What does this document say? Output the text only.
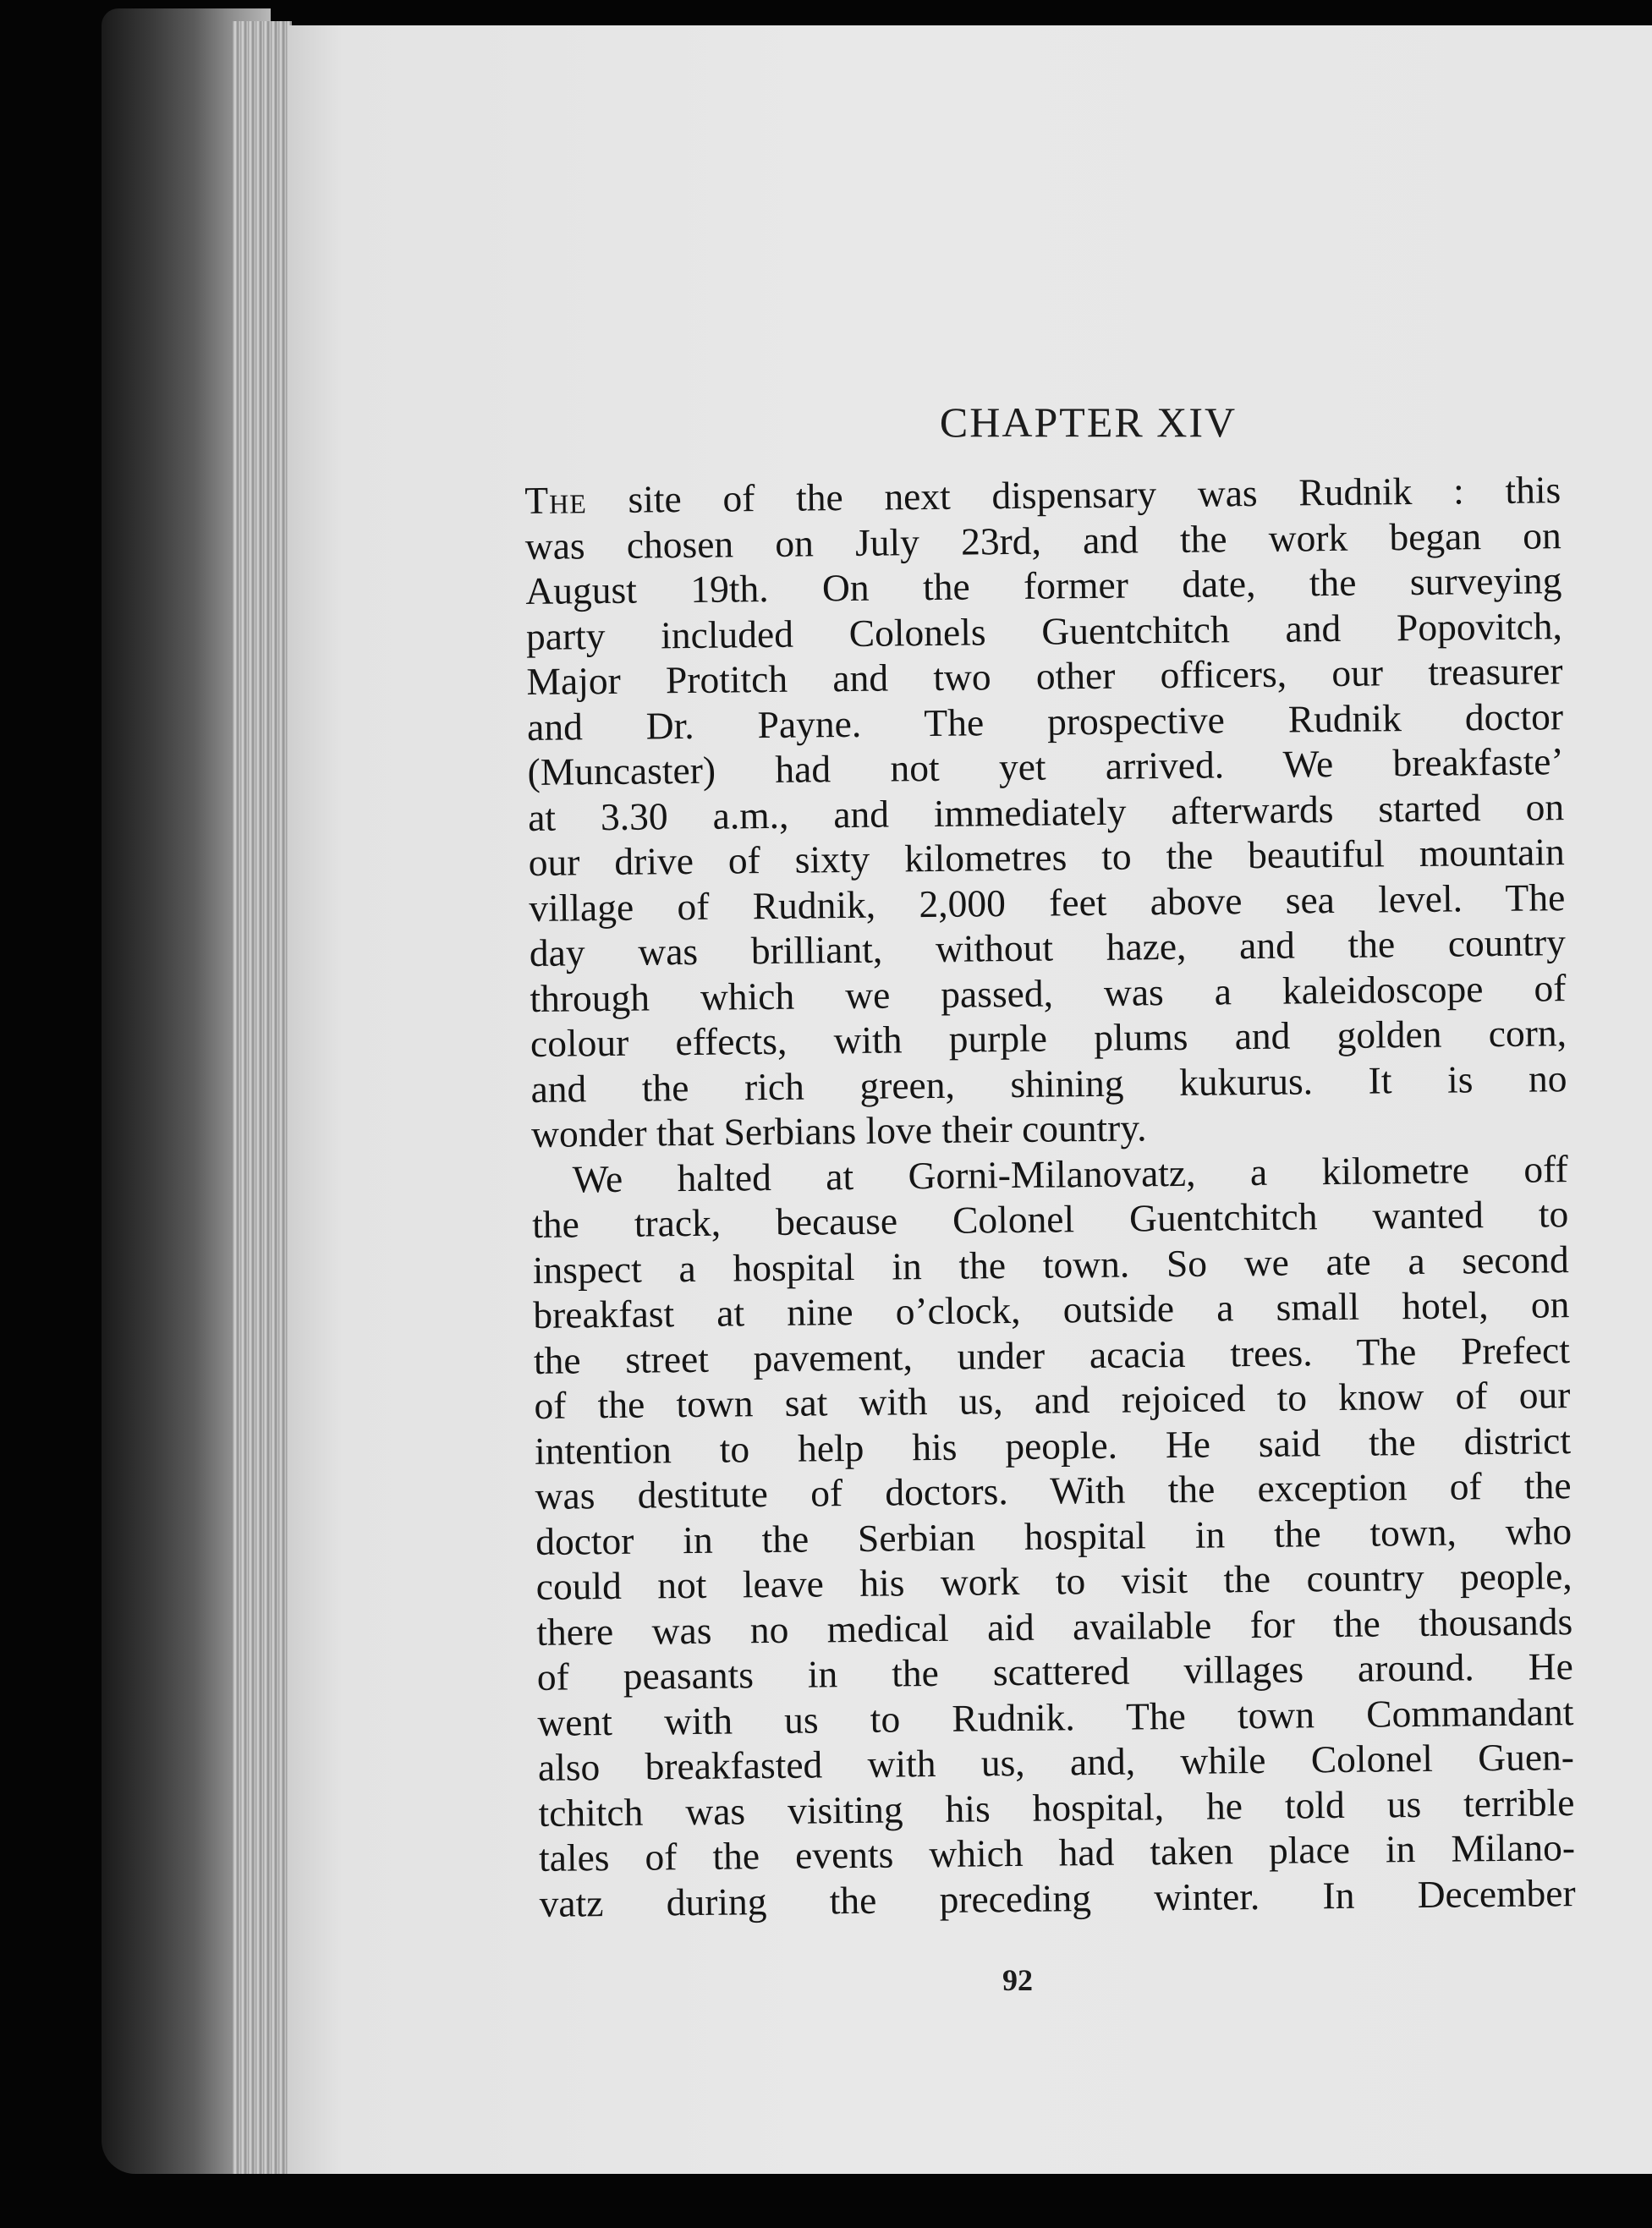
CHAPTER XIV
The site of the next dispensary was Rudnik : this
was chosen on July 23rd, and the work began on
August 19th. On the former date, the surveying
party included Colonels Guentchitch and Popovitch,
Major Protitch and two other officers, our treasurer
and Dr. Payne. The prospective Rudnik doctor
(Muncaster) had not yet arrived. We breakfaste’
at 3.30 a.m., and immediately afterwards started on
our drive of sixty kilometres to the beautiful mountain
village of Rudnik, 2,000 feet above sea level. The
day was brilliant, without haze, and the country
through which we passed, was a kaleidoscope of
colour effects, with purple plums and golden corn,
and the rich green, shining kukurus. It is no
wonder that Serbians love their country.
We halted at Gorni-Milanovatz, a kilometre off
the track, because Colonel Guentchitch wanted to
inspect a hospital in the town. So we ate a second
breakfast at nine o’clock, outside a small hotel, on
the street pavement, under acacia trees. The Prefect
of the town sat with us, and rejoiced to know of our
intention to help his people. He said the district
was destitute of doctors. With the exception of the
doctor in the Serbian hospital in the town, who
could not leave his work to visit the country people,
there was no medical aid available for the thousands
of peasants in the scattered villages around. He
went with us to Rudnik. The town Commandant
also breakfasted with us, and, while Colonel Guen-
tchitch was visiting his hospital, he told us terrible
tales of the events which had taken place in Milano-
vatz during the preceding winter. In December
92
